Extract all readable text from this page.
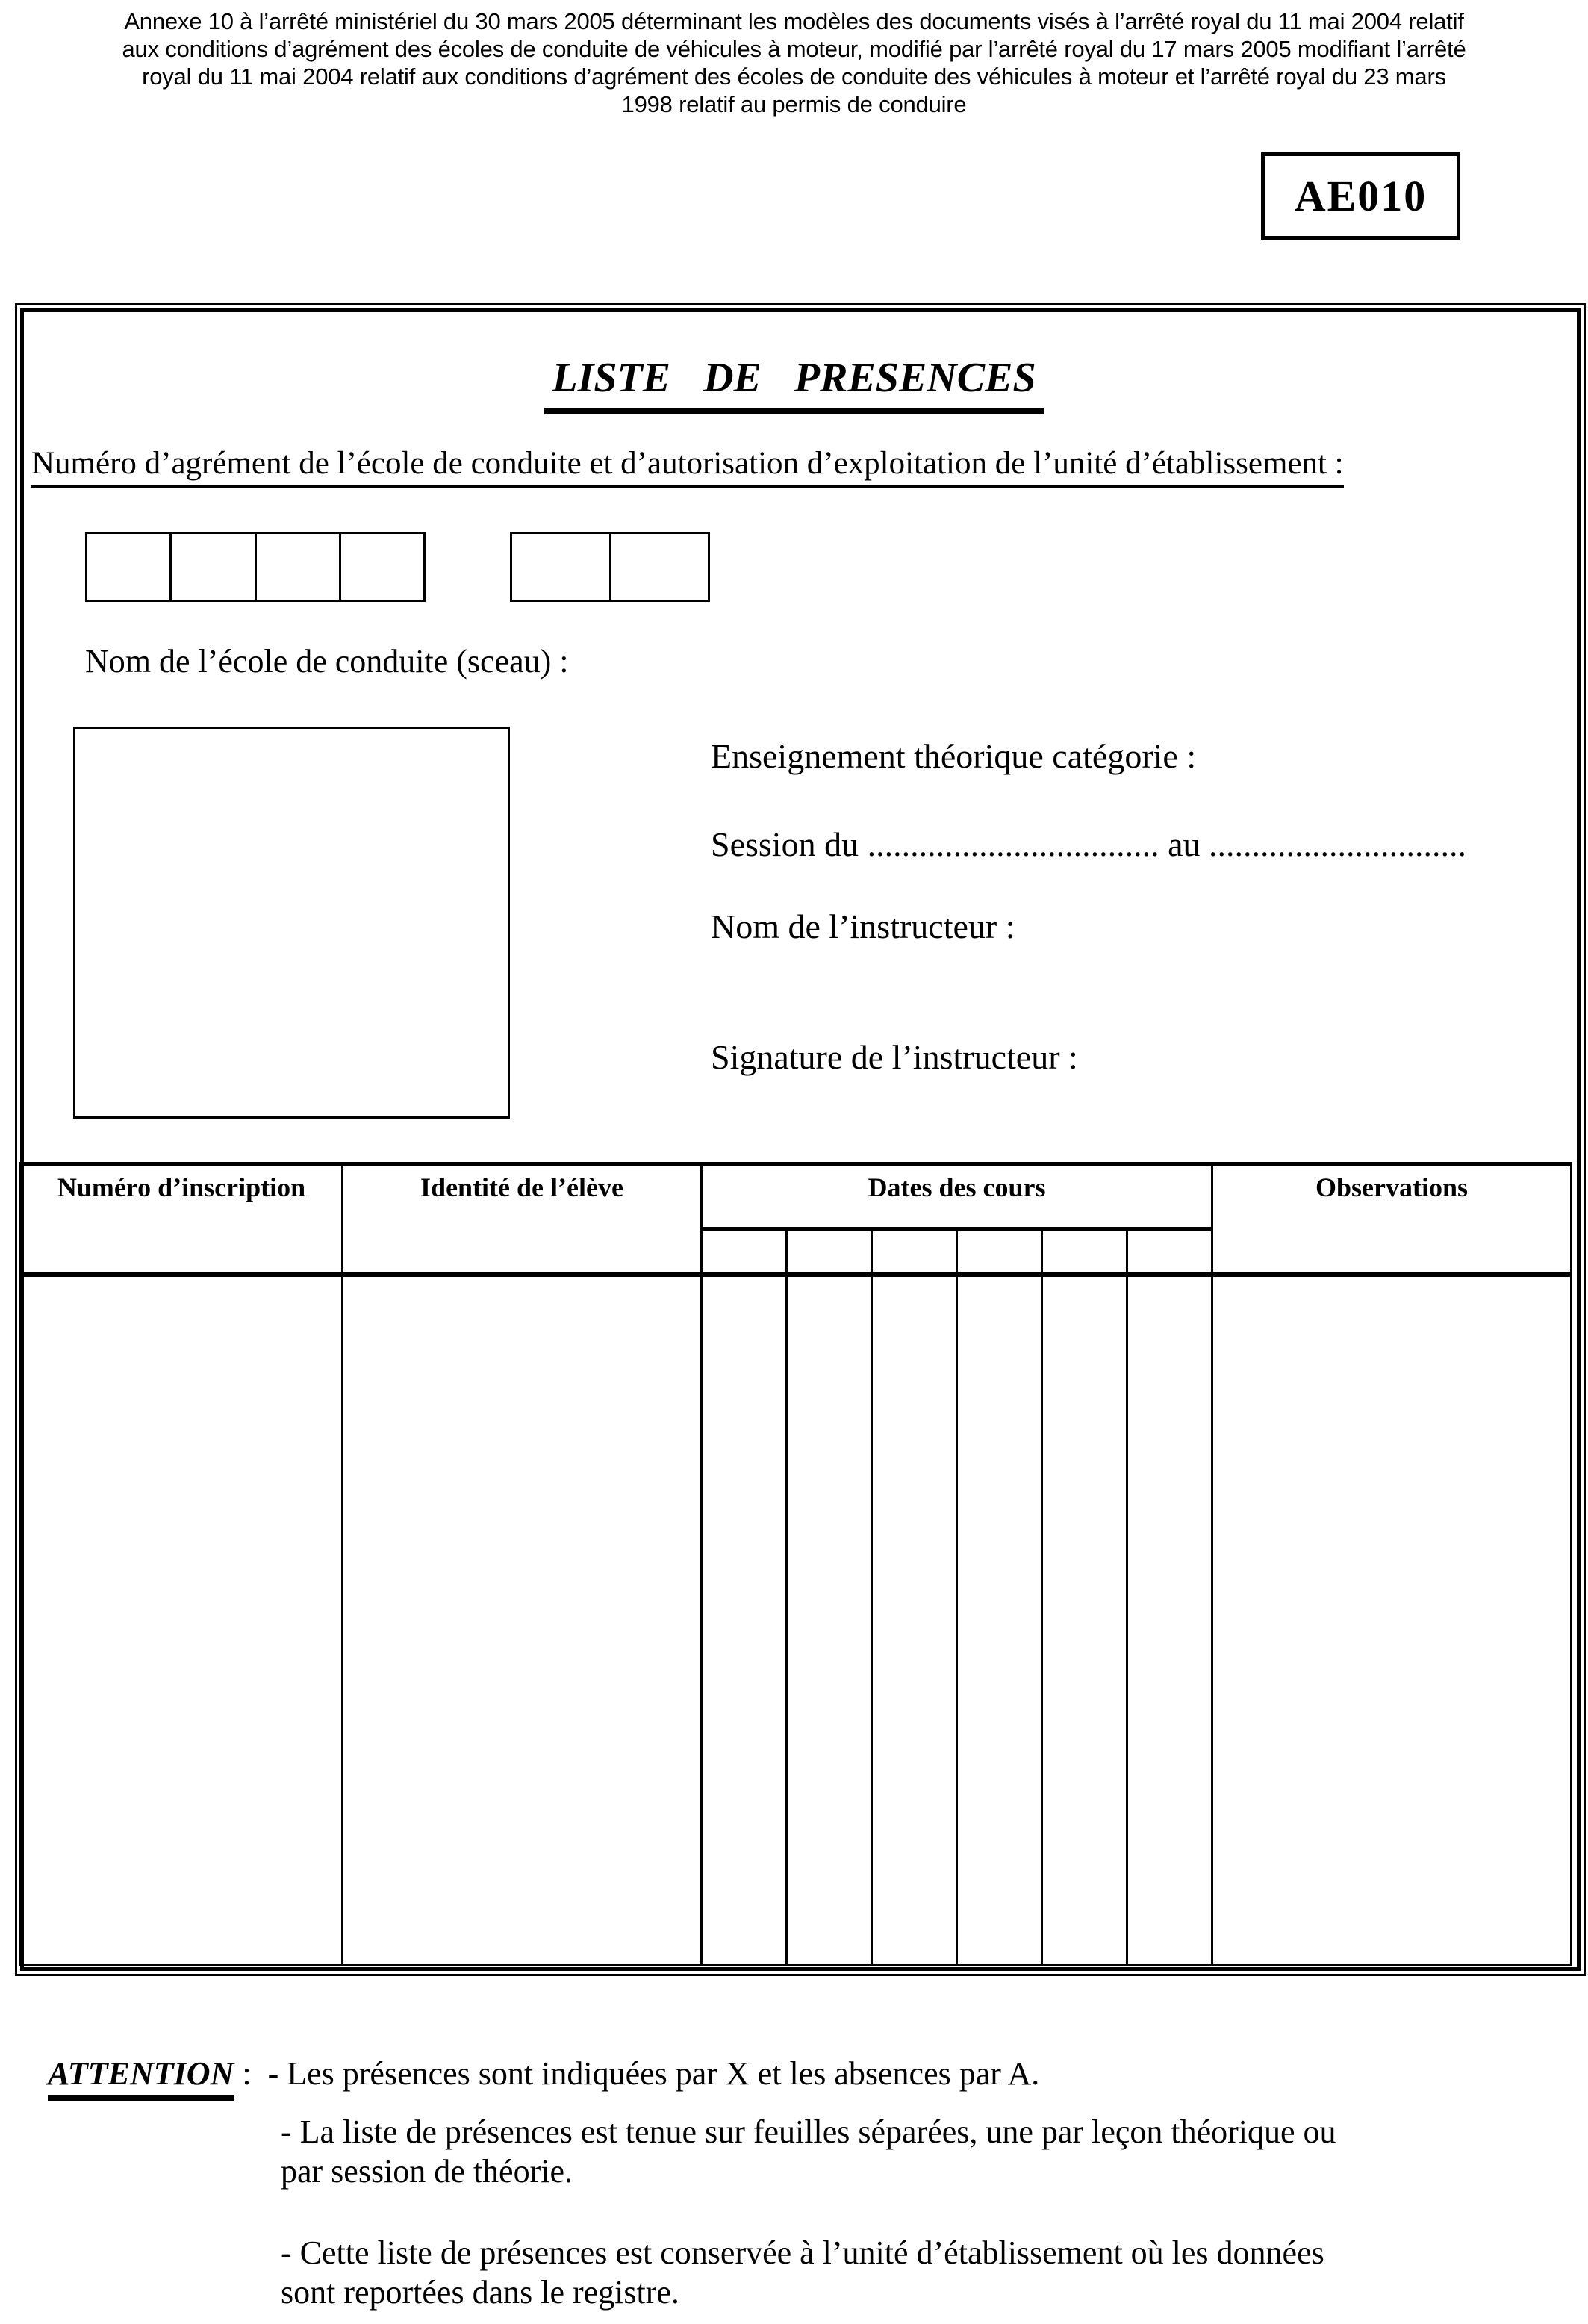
Annexe 10 à l’arrêté ministériel du 30 mars 2005 déterminant les modèles des documents visés à l’arrêté royal du 11 mai 2004 relatif
aux conditions d’agrément des écoles de conduite de véhicules à moteur, modifié par l’arrêté royal du 17 mars 2005 modifiant l’arrêté
royal du 11 mai 2004 relatif aux conditions d’agrément des écoles de conduite des véhicules à moteur et l’arrêté royal du 23 mars
1998 relatif au permis de conduire
AE010
LISTE  DE  PRESENCES
Numéro d’agrément de l’école de conduite et d’autorisation d’exploitation de l’unité d’établissement :
Nom de l’école de conduite (sceau) :
Enseignement théorique catégorie :
Session du .................................. au ..............................
Nom de l’instructeur :
Signature de l’instructeur :
Numéro d’inscription	Identité de l’élève	Dates des cours	Observations

ATTENTION :  - Les présences sont indiquées par X et les absences par A.

- La liste de présences est tenue sur feuilles séparées, une par leçon théorique ou
par session de théorie.
- Cette liste de présences est conservée à l’unité d’établissement où les données
sont reportées dans le registre.
